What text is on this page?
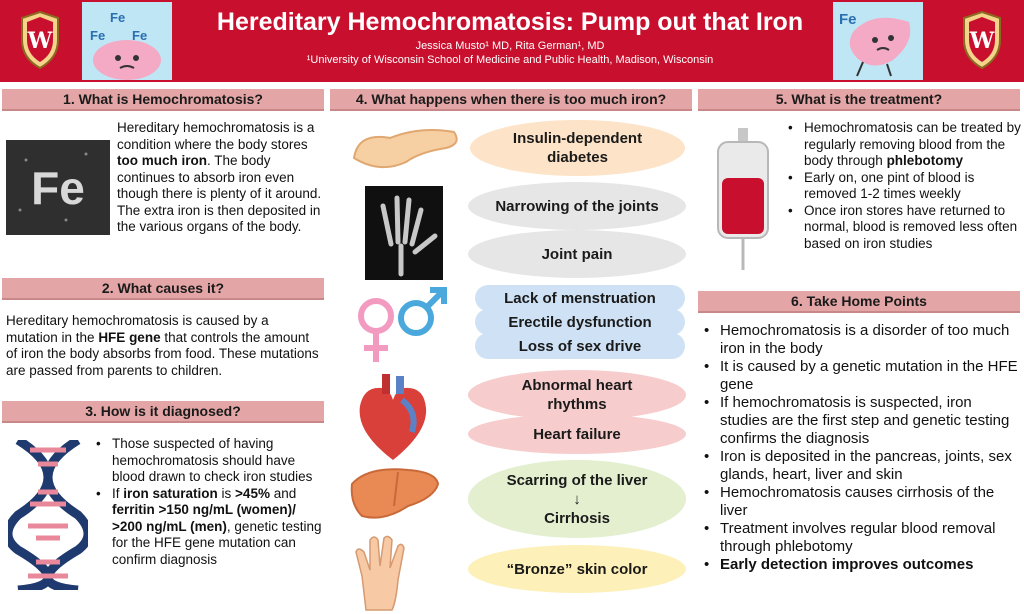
W
Fe
Fe Fe	Hereditary Hemochromatosis: Pump out that Iron
Jessica Musto¹ MD, Rita German¹, MD
¹University of Wisconsin School of Medicine and Public Health, Madison, Wisconsin
Fe
W
1. What is Hemochromatosis?
Fe
Hereditary hemochromatosis is a condition where the body stores too much iron. The body continues to absorb iron even though there is plenty of it around. The extra iron is then deposited in the various organs of the body.
2. What causes it?
Hereditary hemochromatosis is caused by a mutation in the HFE gene that controls the amount of iron the body absorbs from food. These mutations are passed from parents to children.
3. How is it diagnosed?
• Those suspected of having hemochromatosis should have blood drawn to check iron studies
• If iron saturation is >45% and ferritin >150 ng/mL (women)/ >200 ng/mL (men), genetic testing for the HFE gene mutation can confirm diagnosis
4. What happens when there is too much iron?
Insulin-dependent
diabetes
Narrowing of the joints
Joint pain
Lack of menstruation
Erectile dysfunction
Loss of sex drive
Abnormal heart
rhythms
Heart failure
Scarring of the liver
↓
Cirrhosis
“Bronze” skin color
5. What is the treatment?
• Hemochromatosis can be treated by regularly removing blood from the body through phlebotomy
• Early on, one pint of blood is removed 1-2 times weekly
• Once iron stores have returned to normal, blood is removed less often based on iron studies
6. Take Home Points
• Hemochromatosis is a disorder of too much iron in the body
• It is caused by a genetic mutation in the HFE gene
• If hemochromatosis is suspected, iron studies are the first step and genetic testing confirms the diagnosis
• Iron is deposited in the pancreas, joints, sex glands, heart, liver and skin
• Hemochromatosis causes cirrhosis of the liver
• Treatment involves regular blood removal through phlebotomy
• Early detection improves outcomes
